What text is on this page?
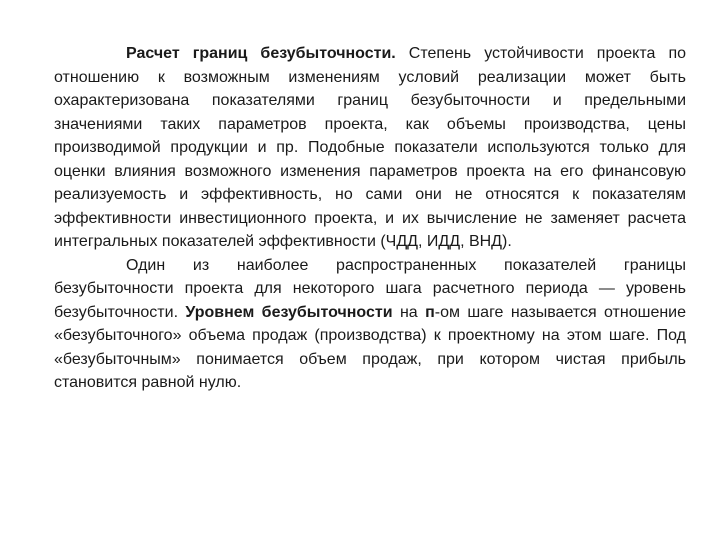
Расчет границ безубыточности. Степень устойчивости проекта по отношению к возможным изменениям условий реализации может быть охарактеризована показателями границ безубыточности и предельными значениями таких параметров проекта, как объемы производства, цены производимой продукции и пр. Подобные показатели используются только для оценки влияния возможного изменения параметров проекта на его финансовую реализуемость и эффективность, но сами они не относятся к показателям эффективности инвестиционного проекта, и их вычисление не заменяет расчета интегральных показателей эффективности (ЧДД, ИДД, ВНД).

Один из наиболее распространенных показателей границы безубыточности проекта для некоторого шага расчетного периода — уровень безубыточности. Уровнем безубыточности на п-ом шаге называется отношение «безубыточного» объема продаж (производства) к проектному на этом шаге. Под «безубыточным» понимается объем продаж, при котором чистая прибыль становится равной нулю.
